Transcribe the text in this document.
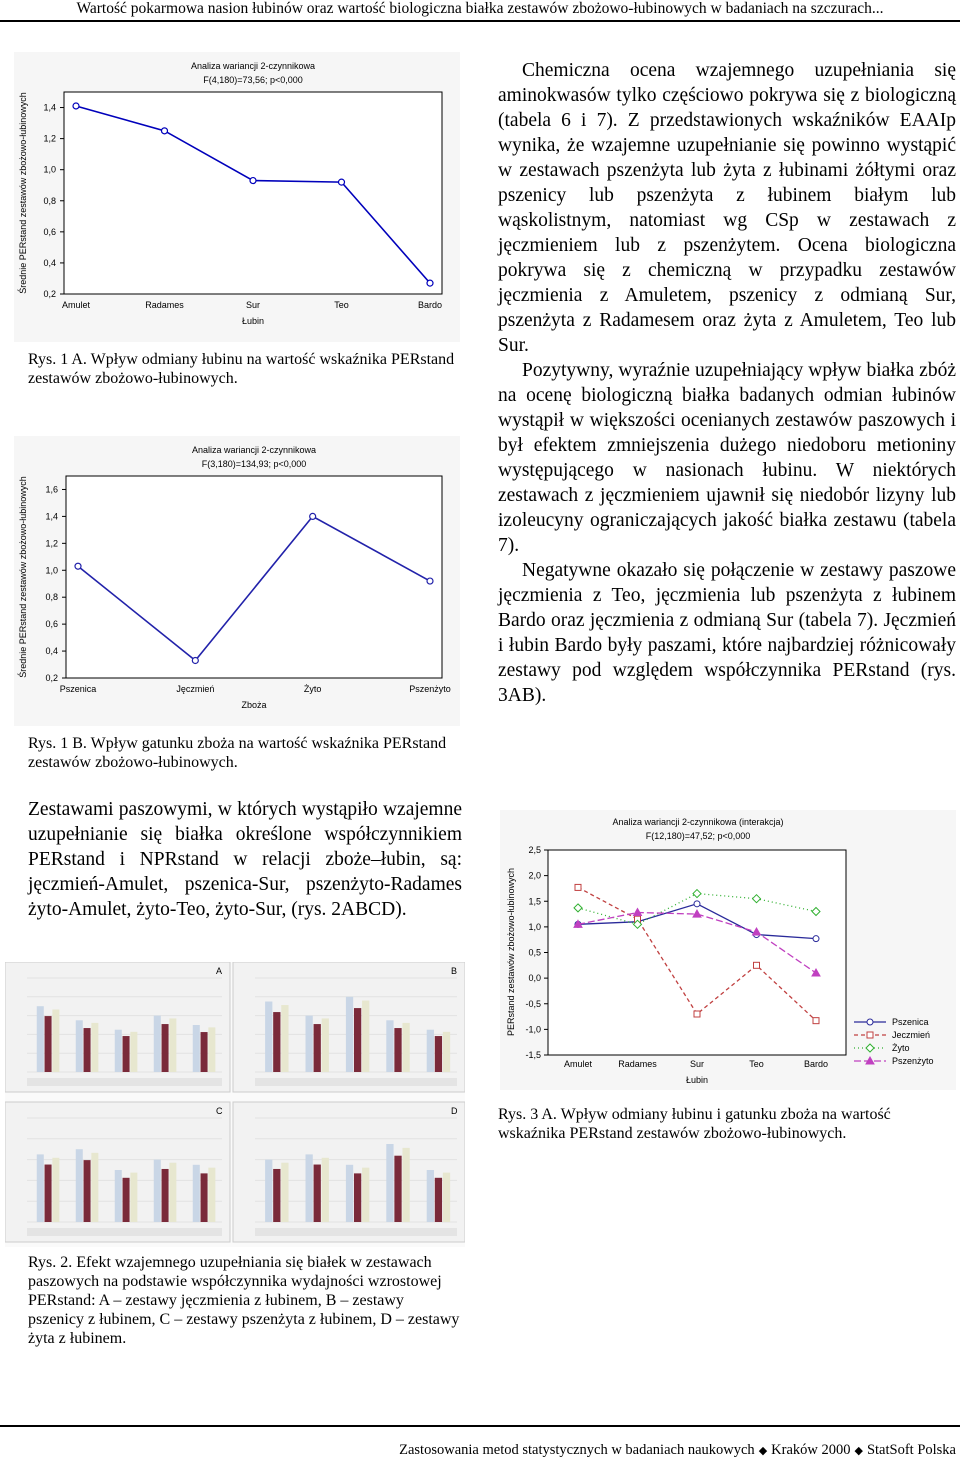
Wartość pokarmowa nasion łubinów oraz wartość biologiczna białka zestawów zbożowo-łubinowych w badaniach na szczurach...
Analiza wariancji 2-czynnikowa
F(4,180)=73,56; p<0,000
0,2
0,4
0,6
0,8
1,0
1,2
1,4
Amulet	Radames	Sur	Teo	Bardo
Łubin
Średnie PERstand zestawów zbożowo-łubinowych
Rys. 1 A. Wpływ odmiany łubinu na wartość wskaźnika PERstand zestawów zbożowo-łubinowych.
Analiza wariancji 2-czynnikowa
F(3,180)=134,93; p<0,000
0,2
0,4
0,6
0,8
1,0
1,2
1,4
1,6
Pszenica	Jęczmień	Żyto	Pszenżyto
Zboża
Średnie PERstand zestawów zbożowo-łubinowych
Rys. 1 B. Wpływ gatunku zboża na wartość wskaźnika PERstand zestawów zbożowo-łubinowych.

Zestawami paszowymi, w których wystąpiło wzajemne uzupełnianie się białka określone współczynnikiem PERstand i NPRstand w relacji zboże–łubin, są: jęczmień-Amulet, pszenica-Sur, pszenżyto-Radames żyto-Amulet, żyto-Teo, żyto-Sur, (rys. 2ABCD).

A	B
C	D
Rys. 2. Efekt wzajemnego uzupełniania się białek w zestawach paszowych na podstawie współczynnika wydajności wzrostowej PERstand: A – zestawy jęczmienia z łubinem, B – zestawy pszenicy z łubinem, C – zestawy pszenżyta z łubinem, D – zestawy żyta z łubinem.

Chemiczna ocena wzajemnego uzupełniania się aminokwasów tylko częściowo pokrywa się z biologiczną (tabela 6 i 7). Z przedstawionych wskaźników EAAIp wynika, że wzajemne uzupełnianie się powinno wystąpić w zestawach pszenżyta lub żyta z łubinami żółtymi oraz pszenicy lub pszenżyta z łubinem białym lub wąskolistnym, natomiast wg CSp w zestawach z jęczmieniem lub z pszenżytem. Ocena biologiczna pokrywa się z chemiczną w przypadku zestawów jęczmienia z Amuletem, pszenicy z odmianą Sur, pszenżyta z Radamesem oraz żyta z Amuletem, Teo lub Sur.

Pozytywny, wyraźnie uzupełniający wpływ białka zbóż na ocenę biologiczną białka badanych odmian łubinów wystąpił w większości ocenianych zestawów paszowych i był efektem zmniejszenia dużego niedoboru metioniny występującego w nasionach łubinu. W niektórych zestawach z jęczmieniem ujawnił się niedobór lizyny lub izoleucyny ograniczających jakość białka zestawu (tabela 7).

Negatywne okazało się połączenie w zestawy paszowe jęczmienia z Teo, jęczmienia lub pszenżyta z łubinem Bardo oraz jęczmienia z odmianą Sur (tabela 7). Jęczmień i łubin Bardo były paszami, które najbardziej różnicowały zestawy pod względem współczynnika PERstand (rys. 3AB).

Analiza wariancji 2-czynnikowa (interakcja)
F(12,180)=47,52; p<0,000
-1,5
-1,0
-0,5
0,0
0,5
1,0
1,5
2,0
2,5
Amulet	Radames	Sur	Teo	Bardo
Łubin
PERstand zestawów zbożowo-łubinowych	Pszenica
Jeczmień
Żyto
Pszenżyto
Rys. 3 A. Wpływ odmiany łubinu i gatunku zboża na wartość wskaźnika PERstand zestawów zbożowo-łubinowych.
Zastosowania metod statystycznych w badaniach naukowych ◆ Kraków 2000 ◆ StatSoft Polska
